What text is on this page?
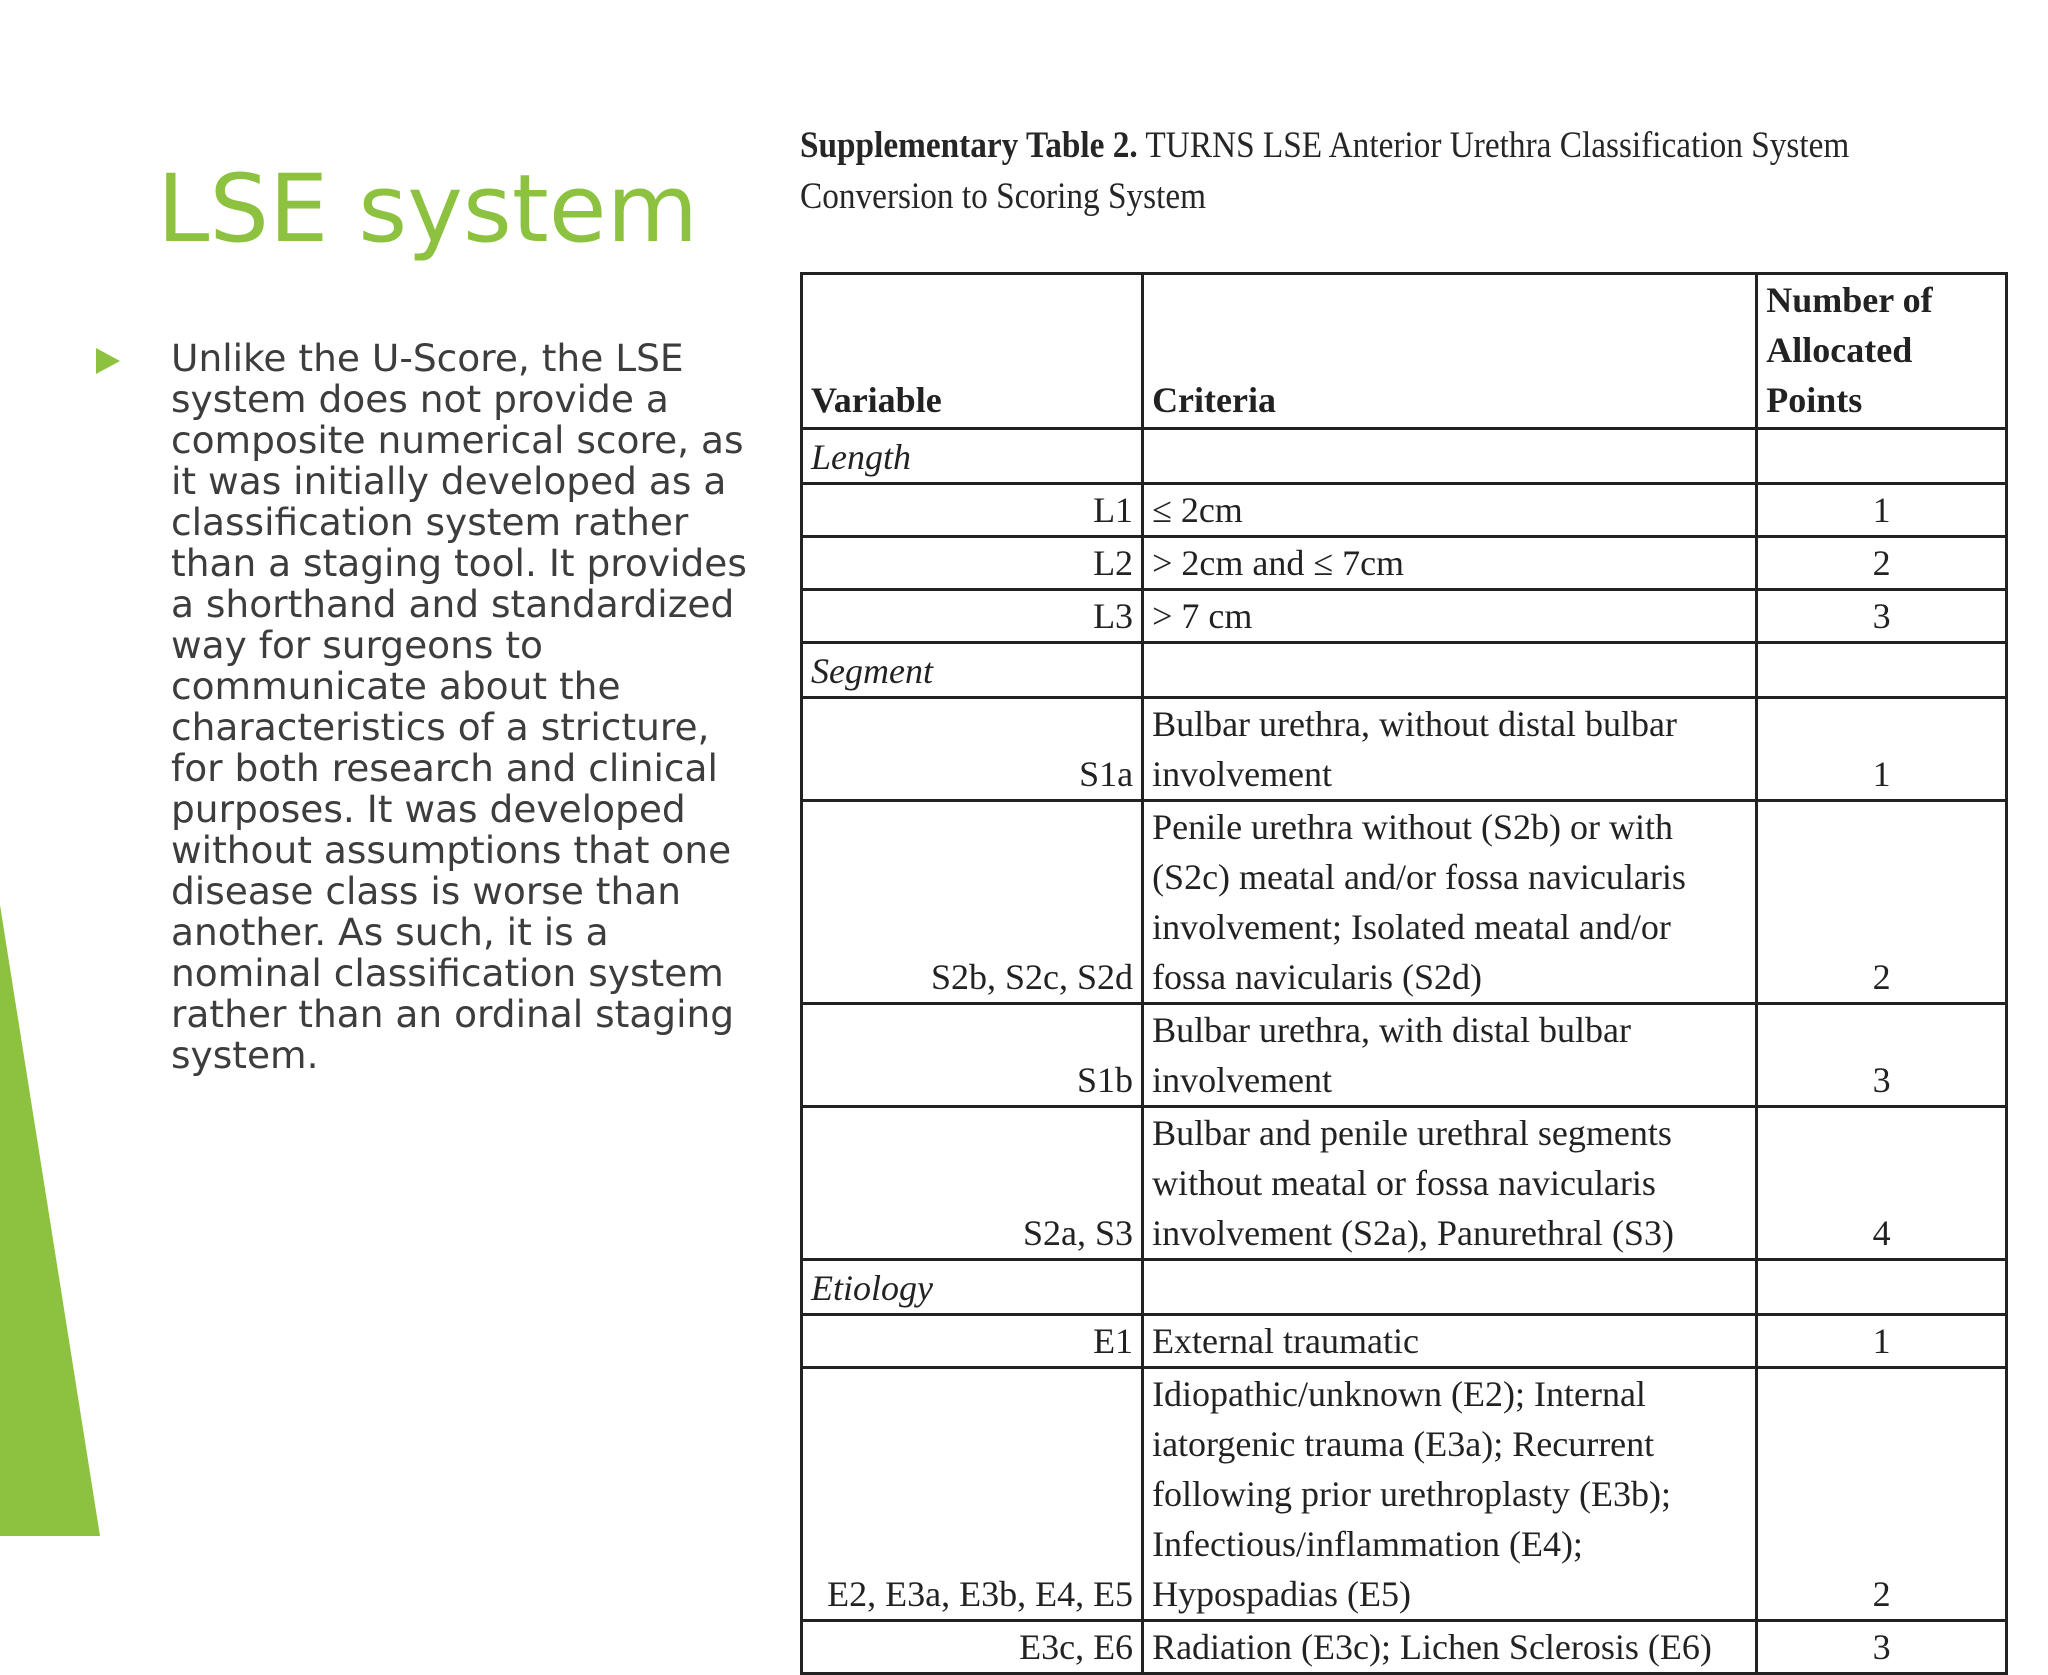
LSE system
Unlike the U-Score, the LSE system does not provide a composite numerical score, as it was initially developed as a classification system rather than a staging tool. It provides a shorthand and standardized way for surgeons to communicate about the characteristics of a stricture, for both research and clinical purposes. It was developed without assumptions that one disease class is worse than another. As such, it is a nominal classification system rather than an ordinal staging system.

Supplementary Table 2. TURNS LSE Anterior Urethra Classification System Conversion to Scoring System

Variable	Criteria	Number of Allocated Points
Length		
L1	≤ 2cm	1
L2	> 2cm and ≤ 7cm	2
L3	> 7 cm	3
Segment		
S1a	Bulbar urethra, without distal bulbar involvement	1
S2b, S2c, S2d	Penile urethra without (S2b) or with (S2c) meatal and/or fossa navicularis involvement; Isolated meatal and/or fossa navicularis (S2d)	2
S1b	Bulbar urethra, with distal bulbar involvement	3
S2a, S3	Bulbar and penile urethral segments without meatal or fossa navicularis involvement (S2a), Panurethral (S3)	4
Etiology		
E1	External traumatic	1
E2, E3a, E3b, E4, E5	Idiopathic/unknown (E2); Internal iatorgenic trauma (E3a); Recurrent following prior urethroplasty (E3b); Infectious/inflammation (E4); Hypospadias (E5)	2
E3c, E6	Radiation (E3c); Lichen Sclerosis (E6)	3
